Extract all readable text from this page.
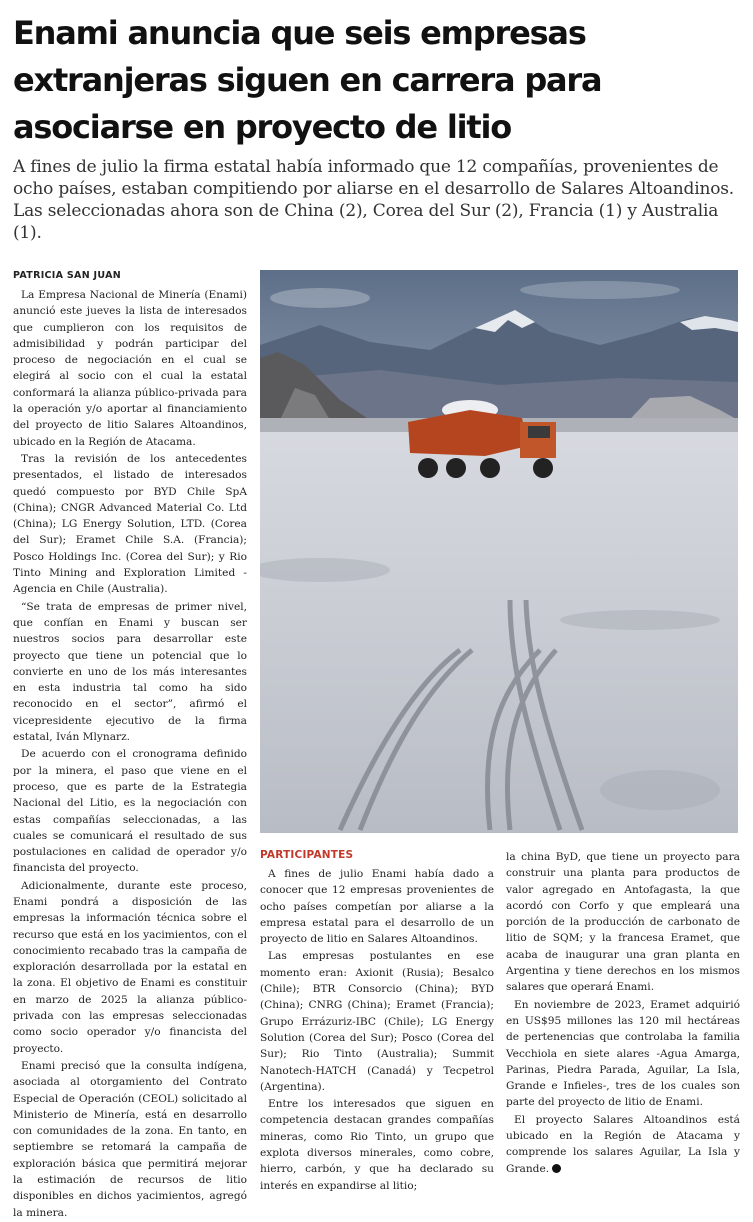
Enami anuncia que seis empresas
extranjeras siguen en carrera para
asociarse en proyecto de litio

A fines de julio la firma estatal había informado que 12 compañías, provenientes de ocho países, estaban compitiendo por aliarse en el desarrollo de Salares Altoandinos. Las seleccionadas ahora son de China (2), Corea del Sur (2), Francia (1) y Australia (1).

PATRICIA SAN JUAN

La Empresa Nacional de Minería (Enami) anunció este jueves la lista de interesados que cumplieron con los requisitos de admisibilidad y podrán participar del proceso de negociación en el cual se elegirá al socio con el cual la estatal conformará la alianza público-privada para la operación y/o aportar al financiamiento del proyecto de litio Salares Altoandinos, ubicado en la Región de Atacama.

Tras la revisión de los antecedentes presentados, el listado de interesados quedó compuesto por BYD Chile SpA (China); CNGR Advanced Material Co. Ltd (China); LG Energy Solution, LTD. (Corea del Sur); Eramet Chile S.A. (Francia); Posco Holdings Inc. (Corea del Sur); y Rio Tinto Mining and Exploration Limited - Agencia en Chile (Australia).

“Se trata de empresas de primer nivel, que confían en Enami y buscan ser nuestros socios para desarrollar este proyecto que tiene un potencial que lo convierte en uno de los más interesantes en esta industria tal como ha sido reconocido en el sector”, afirmó el vicepresidente ejecutivo de la firma estatal, Iván Mlynarz.

De acuerdo con el cronograma definido por la minera, el paso que viene en el proceso, que es parte de la Estrategia Nacional del Litio, es la negociación con estas compañías seleccionadas, a las cuales se comunicará el resultado de sus postulaciones en calidad de operador y/o financista del proyecto.

Adicionalmente, durante este proceso, Enami pondrá a disposición de las empresas la información técnica sobre el recurso que está en los yacimientos, con el conocimiento recabado tras la campaña de exploración desarrollada por la estatal en la zona. El objetivo de Enami es constituir en marzo de 2025 la alianza público-privada con las empresas seleccionadas como socio operador y/o financista del proyecto.

Enami precisó que la consulta indígena, asociada al otorgamiento del Contrato Especial de Operación (CEOL) solicitado al Ministerio de Minería, está en desarrollo con comunidades de la zona. En tanto, en septiembre se retomará la campaña de exploración básica que permitirá mejorar la estimación de recursos de litio disponibles en dichos yacimientos, agregó la minera.

PARTICIPANTES

A fines de julio Enami había dado a conocer que 12 empresas provenientes de ocho países competían por aliarse a la empresa estatal para el desarrollo de un proyecto de litio en Salares Altoandinos.

Las empresas postulantes en ese momento eran: Axionit (Rusia); Besalco (Chile); BTR Consorcio (China); BYD (China); CNRG (China); Eramet (Francia); Grupo Errázuriz-IBC (Chile); LG Energy Solution (Corea del Sur); Posco (Corea del Sur); Rio Tinto (Australia); Summit Nanotech-HATCH (Canadá) y Tecpetrol (Argentina).

Entre los interesados que siguen en competencia destacan grandes compañías mineras, como Rio Tinto, un grupo que explota diversos minerales, como cobre, hierro, carbón, y que ha declarado su interés en expandirse al litio;

la china ByD, que tiene un proyecto para construir una planta para productos de valor agregado en Antofagasta, la que acordó con Corfo y que empleará una porción de la producción de carbonato de litio de SQM; y la francesa Eramet, que acaba de inaugurar una gran planta en Argentina y tiene derechos en los mismos salares que operará Enami.

En noviembre de 2023, Eramet adquirió en US$95 millones las 120 mil hectáreas de pertenencias que controlaba la familia Vecchiola en siete alares -Agua Amarga, Parinas, Piedra Parada, Aguilar, La Isla, Grande e Infieles-, tres de los cuales son parte del proyecto de litio de Enami.

El proyecto Salares Altoandinos está ubicado en la Región de Atacama y comprende los salares Aguilar, La Isla y Grande. P
